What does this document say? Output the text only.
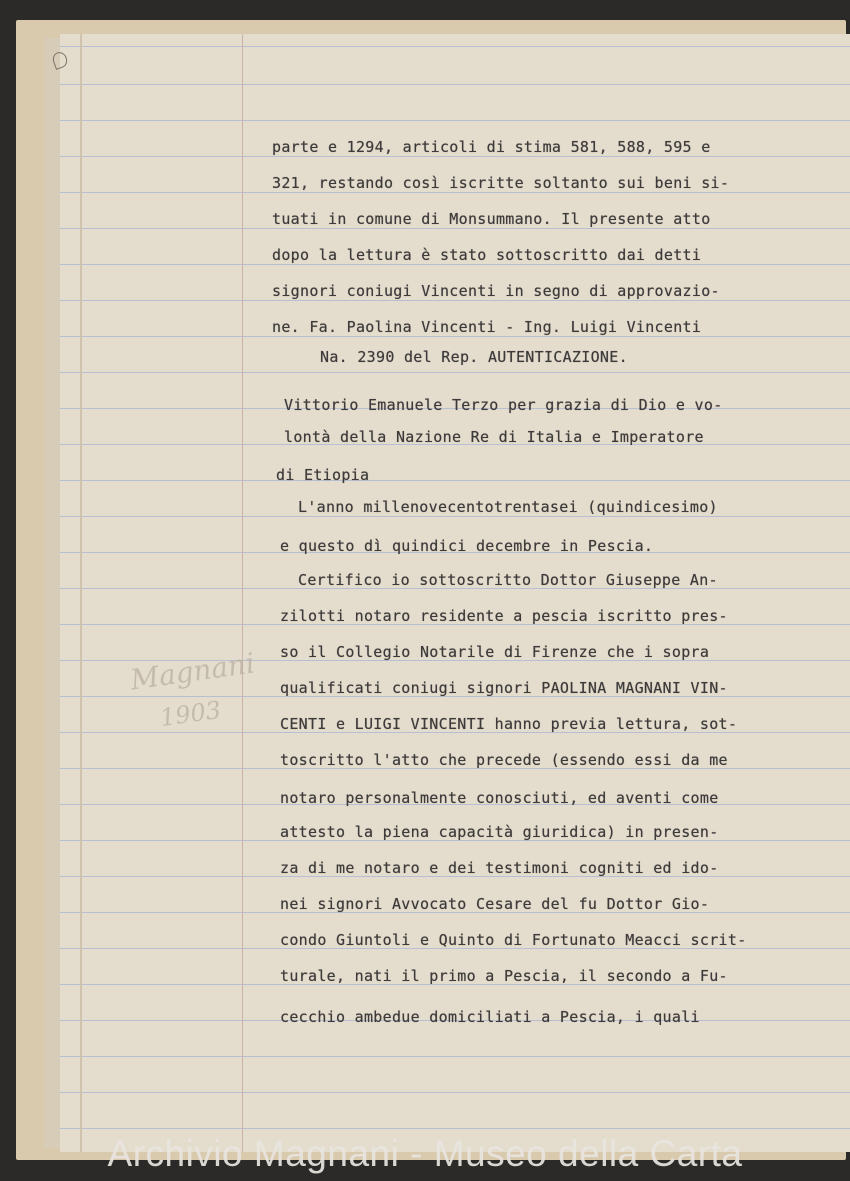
Magnani
1903
parte e 1294, articoli di stima 581, 588, 595 e
321, restando così iscritte soltanto sui beni si-
tuati in comune di Monsummano. Il presente atto
dopo la lettura è stato sottoscritto dai detti
signori coniugi Vincenti in segno di approvazio-
ne. Fa. Paolina Vincenti - Ing. Luigi Vincenti
Na. 2390 del Rep. AUTENTICAZIONE.
Vittorio Emanuele Terzo per grazia di Dio e vo-
lontà della Nazione Re di Italia e Imperatore
di Etiopia
L'anno millenovecentotrentasei (quindicesimo)
e questo dì quindici decembre in Pescia.
Certifico io sottoscritto Dottor Giuseppe An-
zilotti notaro residente a pescia iscritto pres-
so il Collegio Notarile di Firenze che i sopra
qualificati coniugi signori PAOLINA MAGNANI VIN-
CENTI e LUIGI VINCENTI hanno previa lettura, sot-
toscritto l'atto che precede (essendo essi da me
notaro personalmente conosciuti, ed aventi come
attesto la piena capacità giuridica) in presen-
za di me notaro e dei testimoni cogniti ed ido-
nei signori Avvocato Cesare del fu Dottor Gio-
condo Giuntoli e Quinto di Fortunato Meacci scrit-
turale, nati il primo a Pescia, il secondo a Fu-
cecchio ambedue domiciliati a Pescia, i quali
Archivio Magnani - Museo della Carta
